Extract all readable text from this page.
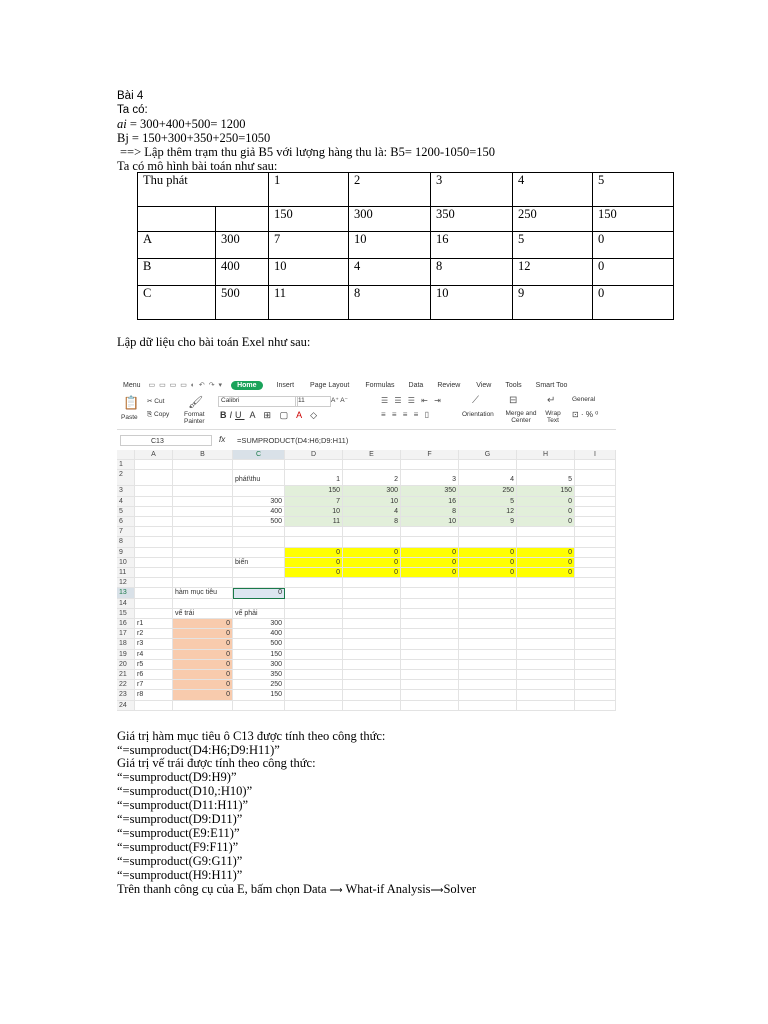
Bài 4
Ta có:
ai = 300+400+500= 1200
Bj = 150+300+350+250=1050
==> Lập thêm trạm thu giả B5 với lượng hàng thu là: B5= 1200-1050=150
Ta có mô hình bài toán như sau:
Thu phát		1	2	3	4	5
		150	300	350	250	150
A	300	7	10	16	5	0
B	400	10	4	8	12	0
C	500	11	8	10	9	0
Lập dữ liệu cho bài toán Exel như sau:
Menu ▭ ▭ ▭ ▭ ◐ ↶ ↷ ▾	Home	Insert Page Layout Formulas Data Review View Tools Smart Too
📋
Paste
✂ Cut
⎘ Copy
🖌
Format Painter
Calibri	11	A⁺ A⁻
BIU A ⊞ ▢ A ◇
☰ ☰ ☰ ⇤ ⇥
≡ ≡ ≡ ≡ ▯
⟋
Orientation
⊟
Merge and Center
↵
Wrap Text
General
⊡ · % ⁰
C13	fx =SUMPRODUCT(D4:H6;D9:H11)
A	B	C	D	E	F	G	H	I
1
2
phát\thu	1	2	3	4	5
3	150	300	350	250	150
4	300	7	10	16	5	0
5	400	10	4	8	12	0
6	500	11	8	10	9	0
7
8
9	0	0	0	0	0
10	biến	0	0	0	0	0
11	0	0	0	0	0
12
13	hàm mục tiêu	0
14
15	vế trái	vế phải
16	r1	0	300
17	r2	0	400
18	r3	0	500
19	r4	0	150
20	r5	0	300
21	r6	0	350
22	r7	0	250
23	r8	0	150
24
Giá trị hàm mục tiêu ô C13 được tính theo công thức:
“=sumproduct(D4:H6;D9:H11)”
Giá trị vế trái được tính theo công thức:
“=sumproduct(D9:H9)”
“=sumproduct(D10,:H10)”
“=sumproduct(D11:H11)”
“=sumproduct(D9:D11)”
“=sumproduct(E9:E11)”
“=sumproduct(F9:F11)”
“=sumproduct(G9:G11)”
“=sumproduct(H9:H11)”
Trên thanh công cụ của E, bấm chọn Data ⟶ What-if Analysis⟶Solver
